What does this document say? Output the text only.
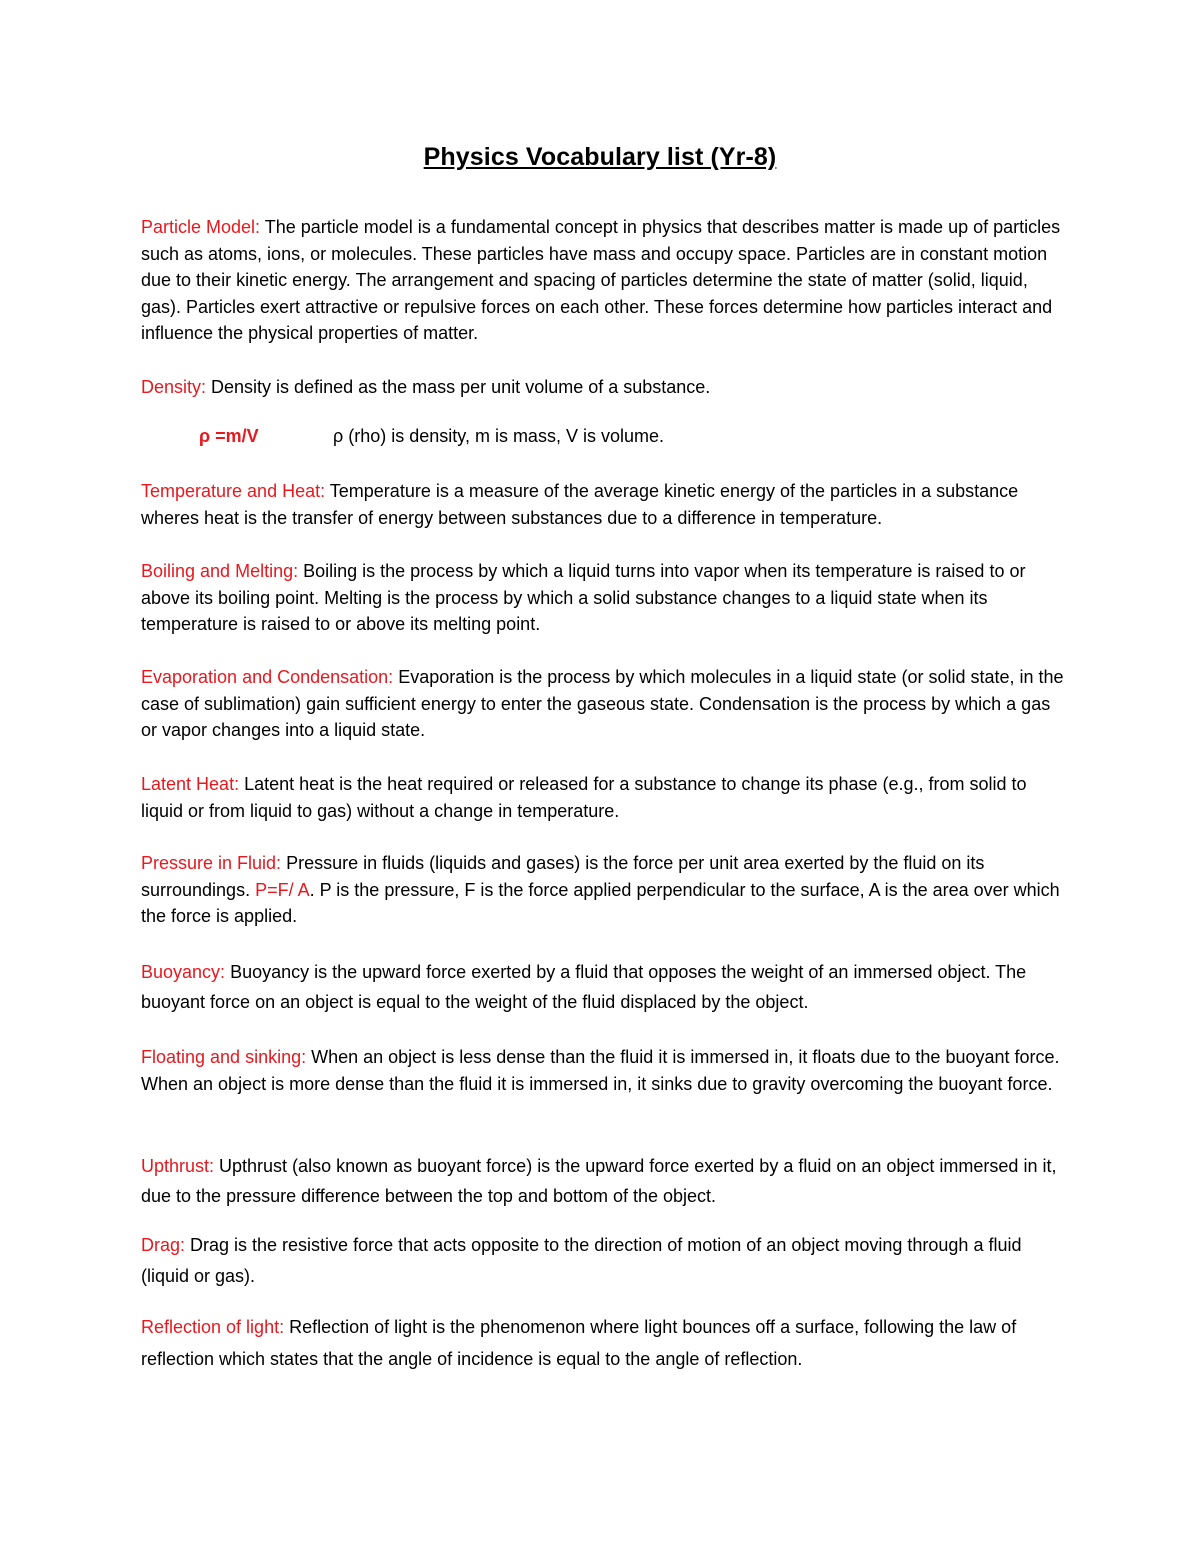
Physics Vocabulary list (Yr-8)

Particle Model: The particle model is a fundamental concept in physics that describes matter is made up of particles such as atoms, ions, or molecules. These particles have mass and occupy space. Particles are in constant motion due to their kinetic energy. The arrangement and spacing of particles determine the state of matter (solid, liquid, gas). Particles exert attractive or repulsive forces on each other. These forces determine how particles interact and influence the physical properties of matter.

Density: Density is defined as the mass per unit volume of a substance.

ρ =m/V	ρ (rho) is density, m is mass, V is volume.

Temperature and Heat: Temperature is a measure of the average kinetic energy of the particles in a substance wheres heat is the transfer of energy between substances due to a difference in temperature.

Boiling and Melting: Boiling is the process by which a liquid turns into vapor when its temperature is raised to or above its boiling point. Melting is the process by which a solid substance changes to a liquid state when its temperature is raised to or above its melting point.

Evaporation and Condensation: Evaporation is the process by which molecules in a liquid state (or solid state, in the case of sublimation) gain sufficient energy to enter the gaseous state. Condensation is the process by which a gas or vapor changes into a liquid state.

Latent Heat: Latent heat is the heat required or released for a substance to change its phase (e.g., from solid to liquid or from liquid to gas) without a change in temperature.

Pressure in Fluid: Pressure in fluids (liquids and gases) is the force per unit area exerted by the fluid on its surroundings. P=F/ A. P is the pressure, F is the force applied perpendicular to the surface, A is the area over which the force is applied.

Buoyancy: Buoyancy is the upward force exerted by a fluid that opposes the weight of an immersed object. The buoyant force on an object is equal to the weight of the fluid displaced by the object.

Floating and sinking: When an object is less dense than the fluid it is immersed in, it floats due to the buoyant force. When an object is more dense than the fluid it is immersed in, it sinks due to gravity overcoming the buoyant force.

Upthrust: Upthrust (also known as buoyant force) is the upward force exerted by a fluid on an object immersed in it, due to the pressure difference between the top and bottom of the object.

Drag: Drag is the resistive force that acts opposite to the direction of motion of an object moving through a fluid (liquid or gas).

Reflection of light: Reflection of light is the phenomenon where light bounces off a surface, following the law of reflection which states that the angle of incidence is equal to the angle of reflection.
